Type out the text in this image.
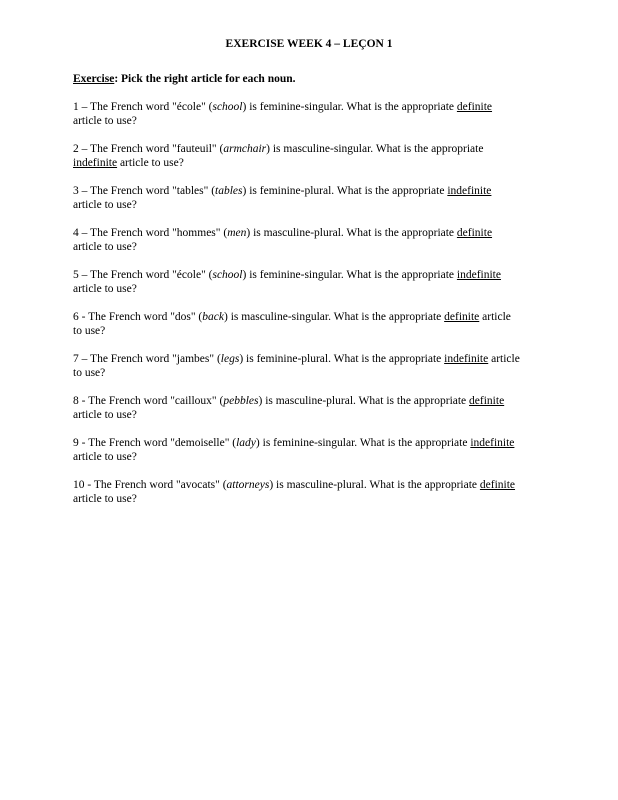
EXERCISE WEEK 4 – LEÇON 1
Exercise: Pick the right article for each noun.
1 – The French word "école" (school) is feminine-singular. What is the appropriate definite
article to use?
2 – The French word "fauteuil" (armchair) is masculine-singular. What is the appropriate
indefinite article to use?
3 – The French word "tables" (tables) is feminine-plural. What is the appropriate indefinite
article to use?
4 – The French word "hommes" (men) is masculine-plural. What is the appropriate definite
article to use?
5 – The French word "école" (school) is feminine-singular. What is the appropriate indefinite
article to use?
6 - The French word "dos" (back) is masculine-singular. What is the appropriate definite article
to use?
7 – The French word "jambes" (legs) is feminine-plural. What is the appropriate indefinite article
to use?
8 - The French word "cailloux" (pebbles) is masculine-plural. What is the appropriate definite
article to use?
9 - The French word "demoiselle" (lady) is feminine-singular. What is the appropriate indefinite
article to use?
10 - The French word "avocats" (attorneys) is masculine-plural. What is the appropriate definite
article to use?
